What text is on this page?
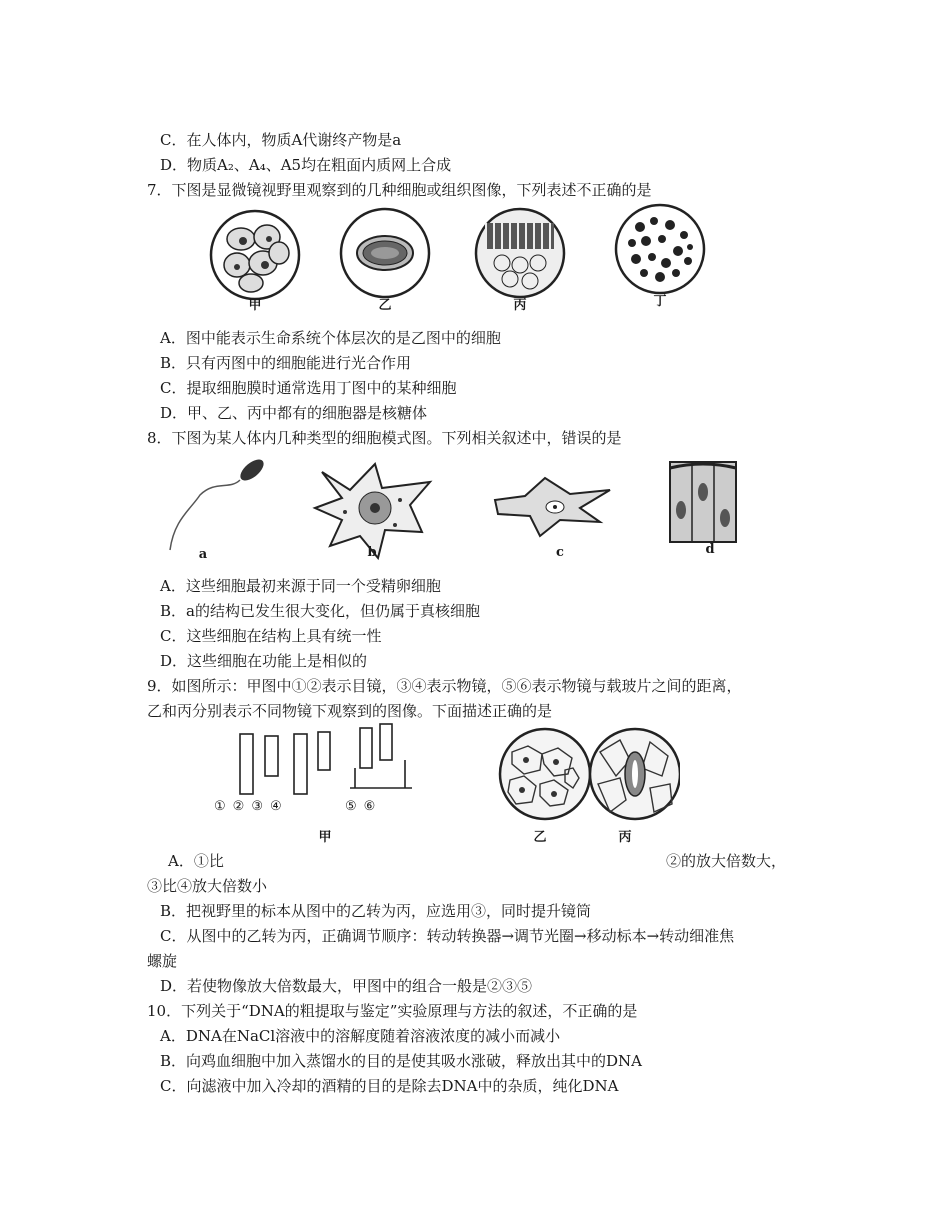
C．在人体内，物质A代谢终产物是a
D．物质A₂、A₄、A5均在粗面内质网上合成
7．下图是显微镜视野里观察到的几种细胞或组织图像，下列表述不正确的是
甲	乙	丙	丁
A．图中能表示生命系统个体层次的是乙图中的细胞
B．只有丙图中的细胞能进行光合作用
C．提取细胞膜时通常选用丁图中的某种细胞
D．甲、乙、丙中都有的细胞器是核糖体
8．下图为某人体内几种类型的细胞模式图。下列相关叙述中，错误的是
a	b	c	d
A．这些细胞最初来源于同一个受精卵细胞
B．a的结构已发生很大变化，但仍属于真核细胞
C．这些细胞在结构上具有统一性
D．这些细胞在功能上是相似的
9．如图所示：甲图中①②表示目镜，③④表示物镜，⑤⑥表示物镜与载玻片之间的距离，
乙和丙分别表示不同物镜下观察到的图像。下面描述正确的是
①②③④	⑤⑥
甲	乙	丙
A．①比	②的放大倍数大，
③比④放大倍数小
B．把视野里的标本从图中的乙转为丙，应选用③，同时提升镜筒
C．从图中的乙转为丙，正确调节顺序：转动转换器→调节光圈→移动标本→转动细准焦
螺旋
D．若使物像放大倍数最大，甲图中的组合一般是②③⑤
10．下列关于“DNA的粗提取与鉴定”实验原理与方法的叙述，不正确的是
A．DNA在NaCl溶液中的溶解度随着溶液浓度的减小而减小
B．向鸡血细胞中加入蒸馏水的目的是使其吸水涨破，释放出其中的DNA
C．向滤液中加入冷却的酒精的目的是除去DNA中的杂质，纯化DNA
